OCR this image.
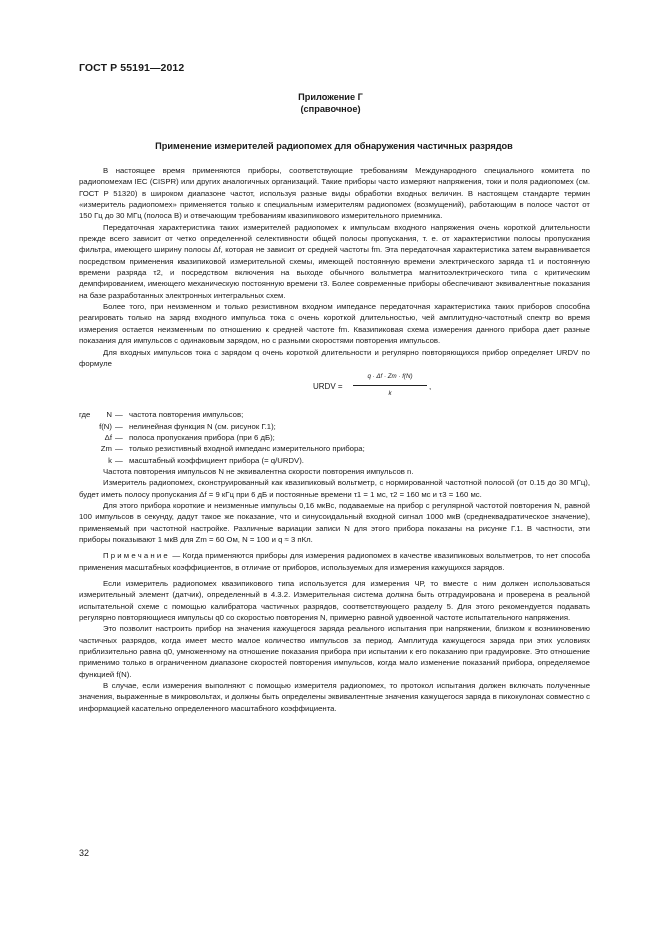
ГОСТ Р 55191—2012
Приложение Г
(справочное)
Применение измерителей радиопомех для обнаружения частичных разрядов

В настоящее время применяются приборы, соответствующие требованиям Международного специального комитета по радиопомехам IEC (CISPR) или других аналогичных организаций. Такие приборы часто измеряют напряжения, токи и поля радиопомех (см. ГОСТ Р 51320) в широком диапазоне частот, используя разные виды обработки входных величин. В настоящем стандарте термин «измеритель радиопомех» применяется только к специальным измерителям радиопомех (возмущений), работающим в полосе частот от 150 Гц до 30 МГц (полоса В) и отвечающим требованиям квазипикового измерительного приемника.

Передаточная характеристика таких измерителей радиопомех к импульсам входного напряжения очень короткой длительности прежде всего зависит от четко определенной селективности общей полосы пропускания, т. е. от характеристики полосы пропускания фильтра, имеющего ширину полосы Δf, которая не зависит от средней частоты fm. Эта передаточная характеристика затем выравнивается посредством применения квазипиковой измерительной схемы, имеющей постоянную времени электрического заряда τ1 и постоянную времени разряда τ2, и посредством включения на выходе обычного вольтметра магнитоэлектрического типа с критическим демпфированием, имеющего механическую постоянную времени τ3. Более современные приборы обеспечивают эквивалентные показания на базе разработанных электронных интегральных схем.

Более того, при неизменном и только резистивном входном импедансе передаточная характеристика таких приборов способна реагировать только на заряд входного импульса тока с очень короткой длительностью, чей амплитудно-частотный спектр во время измерения остается неизменным по отношению к средней частоте fm. Квазипиковая схема измерения данного прибора дает разные показания для импульсов с одинаковым зарядом, но с разными скоростями повторения импульсов.

Для входных импульсов тока с зарядом q очень короткой длительности и регулярно повторяющихся прибор определяет URDV по формуле

URDV = $\frac{q \cdot \Delta f \cdot Zm \cdot f(N)}{k}$ ,
где	N — частота повторения импульсов;
f(N) — нелинейная функция N (см. рисунок Г.1);
Δf — полоса пропускания прибора (при 6 дБ);
Zm — только резистивный входной импеданс измерительного прибора;
k — масштабный коэффициент прибора (= q/URDV).

Частота повторения импульсов N не эквивалентна скорости повторения импульсов n.

Измеритель радиопомех, сконструированный как квазипиковый вольтметр, с нормированной частотной полосой (от 0.15 до 30 МГц), будет иметь полосу пропускания Δf = 9 кГц при 6 дБ и постоянные времени τ1 = 1 мс, τ2 = 160 мс и τ3 = 160 мс.

Для этого прибора короткие и неизменные импульсы 0,16 мкВс, подаваемые на прибор с регулярной частотой повторения N, равной 100 импульсов в секунду, дадут такое же показание, что и синусоидальный входной сигнал 1000 мкВ (среднеквадратическое значение), применяемый при частотной настройке. Различные вариации записи N для этого прибора показаны на рисунке Г.1. В частности, эти приборы показывают 1 мкВ для Zm = 60 Ом, N = 100 и q ≈ 3 пКл.

Примечание — Когда применяются приборы для измерения радиопомех в качестве квазипиковых вольтметров, то нет способа применения масштабных коэффициентов, в отличие от приборов, используемых для измерения кажущихся зарядов.

Если измеритель радиопомех квазипикового типа используется для измерения ЧР, то вместе с ним должен использоваться измерительный элемент (датчик), определенный в 4.3.2. Измерительная система должна быть отградуирована и проверена в реальной испытательной схеме с помощью калибратора частичных разрядов, соответствующего разделу 5. Для этого рекомендуется подавать регулярно повторяющиеся импульсы q0 со скоростью повторения N, примерно равной удвоенной частоте испытательного напряжения.

Это позволит настроить прибор на значения кажущегося заряда реального испытания при напряжении, близком к возникновению частичных разрядов, когда имеет место малое количество импульсов за период. Амплитуда кажущегося заряда при этих условиях приблизительно равна q0, умноженному на отношение показания прибора при испытании к его показанию при градуировке. Это отношение применимо только в ограниченном диапазоне скоростей повторения импульсов, когда мало изменение показаний прибора, определяемое функцией f(N).

В случае, если измерения выполняют с помощью измерителя радиопомех, то протокол испытания должен включать полученные значения, выраженные в микровольтах, и должны быть определены эквивалентные значения кажущегося заряда в пикокулонах совместно с информацией касательно определенного масштабного коэффициента.

32
